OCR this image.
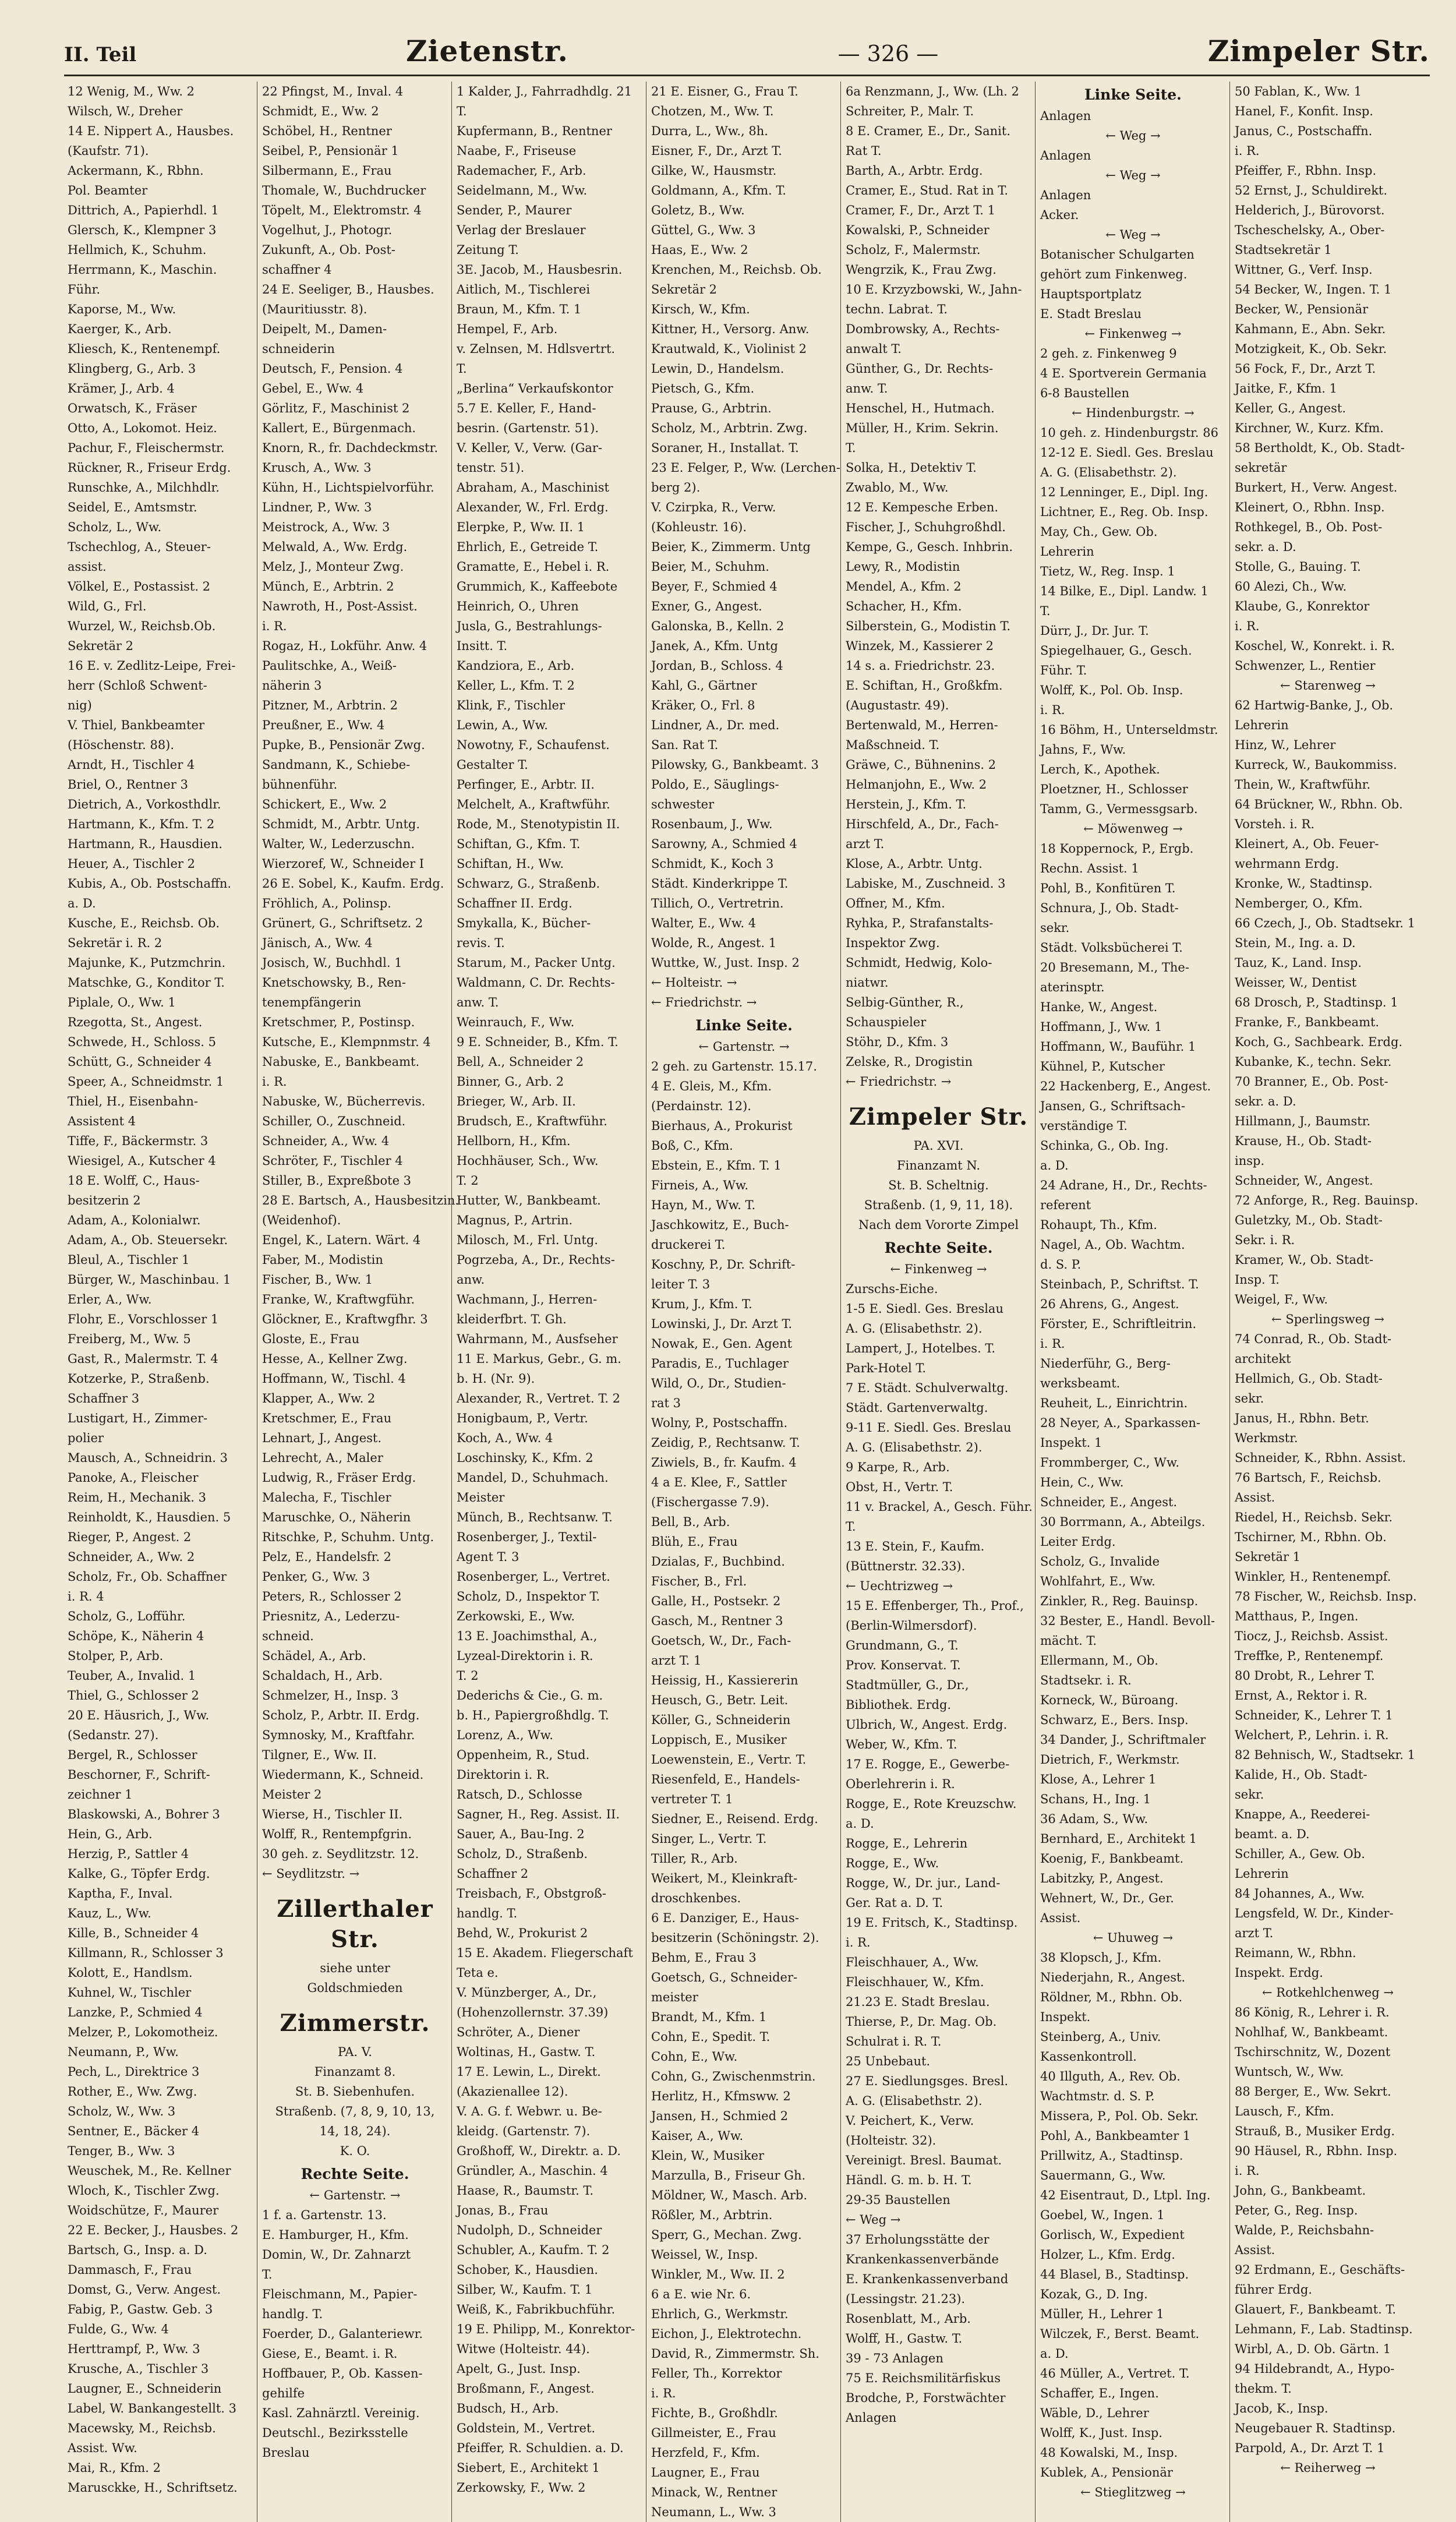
II. Teil	Zietenstr.	— 326 —	Zimpeler Str.
12 Wenig, M., Ww. 2
Wilsch, W., Dreher
14 E. Nippert A., Hausbes.
(Kaufstr. 71).
Ackermann, K., Rbhn.
Pol. Beamter
Dittrich, A., Papierhdl. 1
Glersch, K., Klempner 3
Hellmich, K., Schuhm.
Herrmann, K., Maschin.
Führ.
Kaporse, M., Ww.
Kaerger, K., Arb.
Kliesch, K., Rentenempf.
Klingberg, G., Arb. 3
Krämer, J., Arb. 4
Orwatsch, K., Fräser
Otto, A., Lokomot. Heiz.
Pachur, F., Fleischermstr.
Rückner, R., Friseur Erdg.
Runschke, A., Milchhdlr.
Seidel, E., Amtsmstr.
Scholz, L., Ww.
Tschechlog, A., Steuer-
assist.
Völkel, E., Postassist. 2
Wild, G., Frl.
Wurzel, W., Reichsb.Ob.
Sekretär 2
16 E. v. Zedlitz-Leipe, Frei-
herr (Schloß Schwent-
nig)
V. Thiel, Bankbeamter
(Höschenstr. 88).
Arndt, H., Tischler 4
Briel, O., Rentner 3
Dietrich, A., Vorkosthdlr.
Hartmann, K., Kfm. T. 2
Hartmann, R., Hausdien.
Heuer, A., Tischler 2
Kubis, A., Ob. Postschaffn.
a. D.
Kusche, E., Reichsb. Ob.
Sekretär i. R. 2
Majunke, K., Putzmchrin.
Matschke, G., Konditor T.
Piplale, O., Ww. 1
Rzegotta, St., Angest.
Schwede, H., Schloss. 5
Schütt, G., Schneider 4
Speer, A., Schneidmstr. 1
Thiel, H., Eisenbahn-
Assistent 4
Tiffe, F., Bäckermstr. 3
Wiesigel, A., Kutscher 4
18 E. Wolff, C., Haus-
besitzerin 2
Adam, A., Kolonialwr.
Adam, A., Ob. Steuersekr.
Bleul, A., Tischler 1
Bürger, W., Maschinbau. 1
Erler, A., Ww.
Flohr, E., Vorschlosser 1
Freiberg, M., Ww. 5
Gast, R., Malermstr. T. 4
Kotzerke, P., Straßenb.
Schaffner 3
Lustigart, H., Zimmer-
polier
Mausch, A., Schneidrin. 3
Panoke, A., Fleischer
Reim, H., Mechanik. 3
Reinholdt, K., Hausdien. 5
Rieger, P., Angest. 2
Schneider, A., Ww. 2
Scholz, Fr., Ob. Schaffner
i. R. 4
Scholz, G., Lofführ.
Schöpe, K., Näherin 4
Stolper, P., Arb.
Teuber, A., Invalid. 1
Thiel, G., Schlosser 2
20 E. Häusrich, J., Ww.
(Sedanstr. 27).
Bergel, R., Schlosser
Beschorner, F., Schrift-
zeichner 1
Blaskowski, A., Bohrer 3
Hein, G., Arb.
Herzig, P., Sattler 4
Kalke, G., Töpfer Erdg.
Kaptha, F., Inval.
Kauz, L., Ww.
Kille, B., Schneider 4
Killmann, R., Schlosser 3
Kolott, E., Handlsm.
Kuhnel, W., Tischler
Lanzke, P., Schmied 4
Melzer, P., Lokomotheiz.
Neumann, P., Ww.
Pech, L., Direktrice 3
Rother, E., Ww. Zwg.
Scholz, W., Ww. 3
Sentner, E., Bäcker 4
Tenger, B., Ww. 3
Weuschek, M., Re. Kellner
Wloch, K., Tischler Zwg.
Woidschütze, F., Maurer
22 E. Becker, J., Hausbes. 2
Bartsch, G., Insp. a. D.
Dammasch, F., Frau
Domst, G., Verw. Angest.
Fabig, P., Gastw. Geb. 3
Fulde, G., Ww. 4
Herttrampf, P., Ww. 3
Krusche, A., Tischler 3
Laugner, E., Schneiderin
Label, W. Bankangestellt. 3
Macewsky, M., Reichsb.
Assist. Ww.
Mai, R., Kfm. 2
Marusckke, H., Schriftsetz.
22 Pfingst, M., Inval. 4
Schmidt, E., Ww. 2
Schöbel, H., Rentner
Seibel, P., Pensionär 1
Silbermann, E., Frau
Thomale, W., Buchdrucker
Töpelt, M., Elektromstr. 4
Vogelhut, J., Photogr.
Zukunft, A., Ob. Post-
schaffner 4
24 E. Seeliger, B., Hausbes.
(Mauritiusstr. 8).
Deipelt, M., Damen-
schneiderin
Deutsch, F., Pension. 4
Gebel, E., Ww. 4
Görlitz, F., Maschinist 2
Kallert, E., Bürgenmach.
Knorn, R., fr. Dachdeckmstr.
Krusch, A., Ww. 3
Kühn, H., Lichtspielvorführ.
Lindner, P., Ww. 3
Meistrock, A., Ww. 3
Melwald, A., Ww. Erdg.
Melz, J., Monteur Zwg.
Münch, E., Arbtrin. 2
Nawroth, H., Post-Assist.
i. R.
Rogaz, H., Lokführ. Anw. 4
Paulitschke, A., Weiß-
näherin 3
Pitzner, M., Arbtrin. 2
Preußner, E., Ww. 4
Pupke, B., Pensionär Zwg.
Sandmann, K., Schiebe-
bühnenführ.
Schickert, E., Ww. 2
Schmidt, M., Arbtr. Untg.
Walter, W., Lederzuschn.
Wierzoref, W., Schneider I
26 E. Sobel, K., Kaufm. Erdg.
Fröhlich, A., Polinsp.
Grünert, G., Schriftsetz. 2
Jänisch, A., Ww. 4
Josisch, W., Buchhdl. 1
Knetschowsky, B., Ren-
tenempfängerin
Kretschmer, P., Postinsp.
Kutsche, E., Klempnmstr. 4
Nabuske, E., Bankbeamt.
i. R.
Nabuske, W., Bücherrevis.
Schiller, O., Zuschneid.
Schneider, A., Ww. 4
Schröter, F., Tischler 4
Stiller, B., Expreßbote 3
28 E. Bartsch, A., Hausbesitzin.
(Weidenhof).
Engel, K., Latern. Wärt. 4
Faber, M., Modistin
Fischer, B., Ww. 1
Franke, W., Kraftwgführ.
Glöckner, E., Kraftwgfhr. 3
Gloste, E., Frau
Hesse, A., Kellner Zwg.
Hoffmann, W., Tischl. 4
Klapper, A., Ww. 2
Kretschmer, E., Frau
Lehnart, J., Angest.
Lehrecht, A., Maler
Ludwig, R., Fräser Erdg.
Malecha, F., Tischler
Maruschke, O., Näherin
Ritschke, P., Schuhm. Untg.
Pelz, E., Handelsfr. 2
Penker, G., Ww. 3
Peters, R., Schlosser 2
Priesnitz, A., Lederzu-
schneid.
Schädel, A., Arb.
Schaldach, H., Arb.
Schmelzer, H., Insp. 3
Scholz, P., Arbtr. II. Erdg.
Symnosky, M., Kraftfahr.
Tilgner, E., Ww. II.
Wiedermann, K., Schneid.
Meister 2
Wierse, H., Tischler II.
Wolff, R., Rentempfgrin.
30 geh. z. Seydlitzstr. 12.
← Seydlitzstr. →
Zillerthaler Str.
siehe unter
Goldschmieden
Zimmerstr.
PA. V.
Finanzamt 8.
St. B. Siebenhufen.
Straßenb. (7, 8, 9, 10, 13,
14, 18, 24).
K. O.
Rechte Seite.
← Gartenstr. →
1 f. a. Gartenstr. 13.
E. Hamburger, H., Kfm.
Domin, W., Dr. Zahnarzt
T.
Fleischmann, M., Papier-
handlg. T.
Foerder, D., Galanteriewr.
Giese, E., Beamt. i. R.
Hoffbauer, P., Ob. Kassen-
gehilfe
Kasl. Zahnärztl. Vereinig.
Deutschl., Bezirksstelle
Breslau
1 Kalder, J., Fahrradhdlg. 21
T.
Kupfermann, B., Rentner
Naabe, F., Friseuse
Rademacher, F., Arb.
Seidelmann, M., Ww.
Sender, P., Maurer
Verlag der Breslauer
Zeitung T.
3E. Jacob, M., Hausbesrin.
Aitlich, M., Tischlerei
Braun, M., Kfm. T. 1
Hempel, F., Arb.
v. Zelnsen, M. Hdlsvertrt.
T.
„Berlina“ Verkaufskontor
5.7 E. Keller, F., Hand-
besrin. (Gartenstr. 51).
V. Keller, V., Verw. (Gar-
tenstr. 51).
Abraham, A., Maschinist
Alexander, W., Frl. Erdg.
Elerpke, P., Ww. II. 1
Ehrlich, E., Getreide T.
Gramatte, E., Hebel i. R.
Grummich, K., Kaffeebote
Heinrich, O., Uhren
Jusla, G., Bestrahlungs-
Insitt. T.
Kandziora, E., Arb.
Keller, L., Kfm. T. 2
Klink, F., Tischler
Lewin, A., Ww.
Nowotny, F., Schaufenst.
Gestalter T.
Perfinger, E., Arbtr. II.
Melchelt, A., Kraftwführ.
Rode, M., Stenotypistin II.
Schiftan, G., Kfm. T.
Schiftan, H., Ww.
Schwarz, G., Straßenb.
Schaffner II. Erdg.
Smykalla, K., Bücher-
revis. T.
Starum, M., Packer Untg.
Waldmann, C. Dr. Rechts-
anw. T.
Weinrauch, F., Ww.
9 E. Schneider, B., Kfm. T.
Bell, A., Schneider 2
Binner, G., Arb. 2
Brieger, W., Arb. II.
Brudsch, E., Kraftwführ.
Hellborn, H., Kfm.
Hochhäuser, Sch., Ww.
T. 2
Hutter, W., Bankbeamt.
Magnus, P., Artrin.
Milosch, M., Frl. Untg.
Pogrzeba, A., Dr., Rechts-
anw.
Wachmann, J., Herren-
kleiderfbrt. T. Gh.
Wahrmann, M., Ausfseher
11 E. Markus, Gebr., G. m.
b. H. (Nr. 9).
Alexander, R., Vertret. T. 2
Honigbaum, P., Vertr.
Koch, A., Ww. 4
Loschinsky, K., Kfm. 2
Mandel, D., Schuhmach.
Meister
Münch, B., Rechtsanw. T.
Rosenberger, J., Textil-
Agent T. 3
Rosenberger, L., Vertret.
Scholz, D., Inspektor T.
Zerkowski, E., Ww.
13 E. Joachimsthal, A.,
Lyzeal-Direktorin i. R.
T. 2
Dederichs & Cie., G. m.
b. H., Papiergroßhdlg. T.
Lorenz, A., Ww.
Oppenheim, R., Stud.
Direktorin i. R.
Ratsch, D., Schlosse
Sagner, H., Reg. Assist. II.
Sauer, A., Bau-Ing. 2
Scholz, D., Straßenb.
Schaffner 2
Treisbach, F., Obstgroß-
handlg. T.
Behd, W., Prokurist 2
15 E. Akadem. Fliegerschaft
Teta e.
V. Münzberger, A., Dr.,
(Hohenzollernstr. 37.39)
Schröter, A., Diener
Woltinas, H., Gastw. T.
17 E. Lewin, L., Direkt.
(Akazienallee 12).
V. A. G. f. Webwr. u. Be-
kleidg. (Gartenstr. 7).
Großhoff, W., Direktr. a. D.
Gründler, A., Maschin. 4
Haase, R., Baumstr. T.
Jonas, B., Frau
Nudolph, D., Schneider
Schubler, A., Kaufm. T. 2
Schober, K., Hausdien.
Silber, W., Kaufm. T. 1
Weiß, K., Fabrikbuchführ.
19 E. Philipp, M., Konrektor-
Witwe (Holteistr. 44).
Apelt, G., Just. Insp.
Broßmann, F., Angest.
Budsch, H., Arb.
Goldstein, M., Vertret.
Pfeiffer, R. Schuldien. a. D.
Siebert, E., Architekt 1
Zerkowsky, F., Ww. 2
21 E. Eisner, G., Frau T.
Chotzen, M., Ww. T.
Durra, L., Ww., 8h.
Eisner, F., Dr., Arzt T.
Gilke, W., Hausmstr.
Goldmann, A., Kfm. T.
Goletz, B., Ww.
Güttel, G., Ww. 3
Haas, E., Ww. 2
Krenchen, M., Reichsb. Ob.
Sekretär 2
Kirsch, W., Kfm.
Kittner, H., Versorg. Anw.
Krautwald, K., Violinist 2
Lewin, D., Handelsm.
Pietsch, G., Kfm.
Prause, G., Arbtrin.
Scholz, M., Arbtrin. Zwg.
Soraner, H., Installat. T.
23 E. Felger, P., Ww. (Lerchen-
berg 2).
V. Czirpka, R., Verw.
(Kohleustr. 16).
Beier, K., Zimmerm. Untg
Beier, M., Schuhm.
Beyer, F., Schmied 4
Exner, G., Angest.
Galonska, B., Kelln. 2
Janek, A., Kfm. Untg
Jordan, B., Schloss. 4
Kahl, G., Gärtner
Kräker, O., Frl. 8
Lindner, A., Dr. med.
San. Rat T.
Pilowsky, G., Bankbeamt. 3
Poldo, E., Säuglings-
schwester
Rosenbaum, J., Ww.
Sarowny, A., Schmied 4
Schmidt, K., Koch 3
Städt. Kinderkrippe T.
Tillich, O., Vertretrin.
Walter, E., Ww. 4
Wolde, R., Angest. 1
Wuttke, W., Just. Insp. 2
← Holteistr. →
← Friedrichstr. →
Linke Seite.
← Gartenstr. →
2 geh. zu Gartenstr. 15.17.
4 E. Gleis, M., Kfm.
(Perdainstr. 12).
Bierhaus, A., Prokurist
Boß, C., Kfm.
Ebstein, E., Kfm. T. 1
Firneis, A., Ww.
Hayn, M., Ww. T.
Jaschkowitz, E., Buch-
druckerei T.
Koschny, P., Dr. Schrift-
leiter T. 3
Krum, J., Kfm. T.
Lowinski, J., Dr. Arzt T.
Nowak, E., Gen. Agent
Paradis, E., Tuchlager
Wild, O., Dr., Studien-
rat 3
Wolny, P., Postschaffn.
Zeidig, P., Rechtsanw. T.
Ziwiels, B., fr. Kaufm. 4
4 a E. Klee, F., Sattler
(Fischergasse 7.9).
Bell, B., Arb.
Blüh, E., Frau
Dzialas, F., Buchbind.
Fischer, B., Frl.
Galle, H., Postsekr. 2
Gasch, M., Rentner 3
Goetsch, W., Dr., Fach-
arzt T. 1
Heissig, H., Kassiererin
Heusch, G., Betr. Leit.
Köller, G., Schneiderin
Loppisch, E., Musiker
Loewenstein, E., Vertr. T.
Riesenfeld, E., Handels-
vertreter T. 1
Siedner, E., Reisend. Erdg.
Singer, L., Vertr. T.
Tiller, R., Arb.
Weikert, M., Kleinkraft-
droschkenbes.
6 E. Danziger, E., Haus-
besitzerin (Schöningstr. 2).
Behm, E., Frau 3
Goetsch, G., Schneider-
meister
Brandt, M., Kfm. 1
Cohn, E., Spedit. T.
Cohn, E., Ww.
Cohn, G., Zwischenmstrin.
Herlitz, H., Kfmsww. 2
Jansen, H., Schmied 2
Kaiser, A., Ww.
Klein, W., Musiker
Marzulla, B., Friseur Gh.
Möldner, W., Masch. Arb.
Rößler, M., Arbtrin.
Sperr, G., Mechan. Zwg.
Weissel, W., Insp.
Winkler, M., Ww. II. 2
6 a E. wie Nr. 6.
Ehrlich, G., Werkmstr.
Eichon, J., Elektrotechn.
David, R., Zimmermstr. Sh.
Feller, Th., Korrektor
i. R.
Fichte, B., Großhdlr.
Gillmeister, E., Frau
Herzfeld, F., Kfm.
Laugner, E., Frau
Minack, W., Rentner
Neumann, L., Ww. 3
6a Renzmann, J., Ww. (Lh. 2
Schreiter, P., Malr. T.
8 E. Cramer, E., Dr., Sanit.
Rat T.
Barth, A., Arbtr. Erdg.
Cramer, E., Stud. Rat in T.
Cramer, F., Dr., Arzt T. 1
Kowalski, P., Schneider
Scholz, F., Malermstr.
Wengrzik, K., Frau Zwg.
10 E. Krzyzbowski, W., Jahn-
techn. Labrat. T.
Dombrowsky, A., Rechts-
anwalt T.
Günther, G., Dr. Rechts-
anw. T.
Henschel, H., Hutmach.
Müller, H., Krim. Sekrin.
T.
Solka, H., Detektiv T.
Zwablo, M., Ww.
12 E. Kempesche Erben.
Fischer, J., Schuhgroßhdl.
Kempe, G., Gesch. Inhbrin.
Lewy, R., Modistin
Mendel, A., Kfm. 2
Schacher, H., Kfm.
Silberstein, G., Modistin T.
Winzek, M., Kassierer 2
14 s. a. Friedrichstr. 23.
E. Schiftan, H., Großkfm.
(Augustastr. 49).
Bertenwald, M., Herren-
Maßschneid. T.
Gräwe, C., Bühnenins. 2
Helmanjohn, E., Ww. 2
Herstein, J., Kfm. T.
Hirschfeld, A., Dr., Fach-
arzt T.
Klose, A., Arbtr. Untg.
Labiske, M., Zuschneid. 3
Offner, M., Kfm.
Ryhka, P., Strafanstalts-
Inspektor Zwg.
Schmidt, Hedwig, Kolo-
niatwr.
Selbig-Günther, R.,
Schauspieler
Stöhr, D., Kfm. 3
Zelske, R., Drogistin
← Friedrichstr. →
Zimpeler Str.
PA. XVI.
Finanzamt N.
St. B. Scheltnig.
Straßenb. (1, 9, 11, 18).
Nach dem Vororte Zimpel
Rechte Seite.
← Finkenweg →
Zurschs-Eiche.
1-5 E. Siedl. Ges. Breslau
A. G. (Elisabethstr. 2).
Lampert, J., Hotelbes. T.
Park-Hotel T.
7 E. Städt. Schulverwaltg.
Städt. Gartenverwaltg.
9-11 E. Siedl. Ges. Breslau
A. G. (Elisabethstr. 2).
9 Karpe, R., Arb.
Obst, H., Vertr. T.
11 v. Brackel, A., Gesch. Führ.
T.
13 E. Stein, F., Kaufm.
(Büttnerstr. 32.33).
← Uechtrizweg →
15 E. Effenberger, Th., Prof.,
(Berlin-Wilmersdorf).
Grundmann, G., T.
Prov. Konservat. T.
Stadtmüller, G., Dr.,
Bibliothek. Erdg.
Ulbrich, W., Angest. Erdg.
Weber, W., Kfm. T.
17 E. Rogge, E., Gewerbe-
Oberlehrerin i. R.
Rogge, E., Rote Kreuzschw.
a. D.
Rogge, E., Lehrerin
Rogge, E., Ww.
Rogge, W., Dr. jur., Land-
Ger. Rat a. D. T.
19 E. Fritsch, K., Stadtinsp.
i. R.
Fleischhauer, A., Ww.
Fleischhauer, W., Kfm.
21.23 E. Stadt Breslau.
Thierse, P., Dr. Mag. Ob.
Schulrat i. R. T.
25 Unbebaut.
27 E. Siedlungsges. Bresl.
A. G. (Elisabethstr. 2).
V. Peichert, K., Verw.
(Holteistr. 32).
Vereinigt. Bresl. Baumat.
Händl. G. m. b. H. T.
29-35 Baustellen
← Weg →
37 Erholungsstätte der
Krankenkassenverbände
E. Krankenkassenverband
(Lessingstr. 21.23).
Rosenblatt, M., Arb.
Wolff, H., Gastw. T.
39 - 73 Anlagen
75 E. Reichsmilitärfiskus
Brodche, P., Forstwächter
Anlagen
Linke Seite.
Anlagen
← Weg →
Anlagen
← Weg →
Anlagen
Acker.
← Weg →
Botanischer Schulgarten
gehört zum Finkenweg.
Hauptsportplatz
E. Stadt Breslau
← Finkenweg →
2 geh. z. Finkenweg 9
4 E. Sportverein Germania
6-8 Baustellen
← Hindenburgstr. →
10 geh. z. Hindenburgstr. 86
12-12 E. Siedl. Ges. Breslau
A. G. (Elisabethstr. 2).
12 Lenninger, E., Dipl. Ing.
Lichtner, E., Reg. Ob. Insp.
May, Ch., Gew. Ob.
Lehrerin
Tietz, W., Reg. Insp. 1
14 Bilke, E., Dipl. Landw. 1
T.
Dürr, J., Dr. Jur. T.
Spiegelhauer, G., Gesch.
Führ. T.
Wolff, K., Pol. Ob. Insp.
i. R.
16 Böhm, H., Unterseldmstr.
Jahns, F., Ww.
Lerch, K., Apothek.
Ploetzner, H., Schlosser
Tamm, G., Vermessgsarb.
← Möwenweg →
18 Koppernock, P., Ergb.
Rechn. Assist. 1
Pohl, B., Konfitüren T.
Schnura, J., Ob. Stadt-
sekr.
Städt. Volksbücherei T.
20 Bresemann, M., The-
aterinsptr.
Hanke, W., Angest.
Hoffmann, J., Ww. 1
Hoffmann, W., Bauführ. 1
Kühnel, P., Kutscher
22 Hackenberg, E., Angest.
Jansen, G., Schriftsach-
verständige T.
Schinka, G., Ob. Ing.
a. D.
24 Adrane, H., Dr., Rechts-
referent
Rohaupt, Th., Kfm.
Nagel, A., Ob. Wachtm.
d. S. P.
Steinbach, P., Schriftst. T.
26 Ahrens, G., Angest.
Förster, E., Schriftleitrin.
i. R.
Niederführ, G., Berg-
werksbeamt.
Reuheit, L., Einrichtrin.
28 Neyer, A., Sparkassen-
Inspekt. 1
Frommberger, C., Ww.
Hein, C., Ww.
Schneider, E., Angest.
30 Borrmann, A., Abteilgs.
Leiter Erdg.
Scholz, G., Invalide
Wohlfahrt, E., Ww.
Zinkler, R., Reg. Bauinsp.
32 Bester, E., Handl. Bevoll-
mächt. T.
Ellermann, M., Ob.
Stadtsekr. i. R.
Korneck, W., Büroang.
Schwarz, E., Bers. Insp.
34 Dander, J., Schriftmaler
Dietrich, F., Werkmstr.
Klose, A., Lehrer 1
Schans, H., Ing. 1
36 Adam, S., Ww.
Bernhard, E., Architekt 1
Koenig, F., Bankbeamt.
Labitzky, P., Angest.
Wehnert, W., Dr., Ger.
Assist.
← Uhuweg →
38 Klopsch, J., Kfm.
Niederjahn, R., Angest.
Röldner, M., Rbhn. Ob.
Inspekt.
Steinberg, A., Univ.
Kassenkontroll.
40 Illguth, A., Rev. Ob.
Wachtmstr. d. S. P.
Missera, P., Pol. Ob. Sekr.
Pohl, A., Bankbeamter 1
Prillwitz, A., Stadtinsp.
Sauermann, G., Ww.
42 Eisentraut, D., Ltpl. Ing.
Goebel, W., Ingen. 1
Gorlisch, W., Expedient
Holzer, L., Kfm. Erdg.
44 Blasel, B., Stadtinsp.
Kozak, G., D. Ing.
Müller, H., Lehrer 1
Wilczek, F., Berst. Beamt.
a. D.
46 Müller, A., Vertret. T.
Schaffer, E., Ingen.
Wäble, D., Lehrer
Wolff, K., Just. Insp.
48 Kowalski, M., Insp.
Kublek, A., Pensionär
← Stieglitzweg →
50 Fablan, K., Ww. 1
Hanel, F., Konfit. Insp.
Janus, C., Postschaffn.
i. R.
Pfeiffer, F., Rbhn. Insp.
52 Ernst, J., Schuldirekt.
Helderich, J., Bürovorst.
Tscheschelsky, A., Ober-
Stadtsekretär 1
Wittner, G., Verf. Insp.
54 Becker, W., Ingen. T. 1
Becker, W., Pensionär
Kahmann, E., Abn. Sekr.
Motzigkeit, K., Ob. Sekr.
56 Fock, F., Dr., Arzt T.
Jaitke, F., Kfm. 1
Keller, G., Angest.
Kirchner, W., Kurz. Kfm.
58 Bertholdt, K., Ob. Stadt-
sekretär
Burkert, H., Verw. Angest.
Kleinert, O., Rbhn. Insp.
Rothkegel, B., Ob. Post-
sekr. a. D.
Stolle, G., Bauing. T.
60 Alezi, Ch., Ww.
Klaube, G., Konrektor
i. R.
Koschel, W., Konrekt. i. R.
Schwenzer, L., Rentier
← Starenweg →
62 Hartwig-Banke, J., Ob.
Lehrerin
Hinz, W., Lehrer
Kurreck, W., Baukommiss.
Thein, W., Kraftwführ.
64 Brückner, W., Rbhn. Ob.
Vorsteh. i. R.
Kleinert, A., Ob. Feuer-
wehrmann Erdg.
Kronke, W., Stadtinsp.
Nemberger, O., Kfm.
66 Czech, J., Ob. Stadtsekr. 1
Stein, M., Ing. a. D.
Tauz, K., Land. Insp.
Weisser, W., Dentist
68 Drosch, P., Stadtinsp. 1
Franke, F., Bankbeamt.
Koch, G., Sachbeark. Erdg.
Kubanke, K., techn. Sekr.
70 Branner, E., Ob. Post-
sekr. a. D.
Hillmann, J., Baumstr.
Krause, H., Ob. Stadt-
insp.
Schneider, W., Angest.
72 Anforge, R., Reg. Bauinsp.
Guletzky, M., Ob. Stadt-
Sekr. i. R.
Kramer, W., Ob. Stadt-
Insp. T.
Weigel, F., Ww.
← Sperlingsweg →
74 Conrad, R., Ob. Stadt-
architekt
Hellmich, G., Ob. Stadt-
sekr.
Janus, H., Rbhn. Betr.
Werkmstr.
Schneider, K., Rbhn. Assist.
76 Bartsch, F., Reichsb.
Assist.
Riedel, H., Reichsb. Sekr.
Tschirner, M., Rbhn. Ob.
Sekretär 1
Winkler, H., Rentenempf.
78 Fischer, W., Reichsb. Insp.
Matthaus, P., Ingen.
Tiocz, J., Reichsb. Assist.
Treffke, P., Rentenempf.
80 Drobt, R., Lehrer T.
Ernst, A., Rektor i. R.
Schneider, K., Lehrer T. 1
Welchert, P., Lehrin. i. R.
82 Behnisch, W., Stadtsekr. 1
Kalide, H., Ob. Stadt-
sekr.
Knappe, A., Reederei-
beamt. a. D.
Schiller, A., Gew. Ob.
Lehrerin
84 Johannes, A., Ww.
Lengsfeld, W. Dr., Kinder-
arzt T.
Reimann, W., Rbhn.
Inspekt. Erdg.
← Rotkehlchenweg →
86 König, R., Lehrer i. R.
Nohlhaf, W., Bankbeamt.
Tschirschnitz, W., Dozent
Wuntsch, W., Ww.
88 Berger, E., Ww. Sekrt.
Lausch, F., Kfm.
Strauß, B., Musiker Erdg.
90 Häusel, R., Rbhn. Insp.
i. R.
John, G., Bankbeamt.
Peter, G., Reg. Insp.
Walde, P., Reichsbahn-
Assist.
92 Erdmann, E., Geschäfts-
führer Erdg.
Glauert, F., Bankbeamt. T.
Lehmann, F., Lab. Stadtinsp.
Wirbl, A., D. Ob. Gärtn. 1
94 Hildebrandt, A., Hypo-
thekm. T.
Jacob, K., Insp.
Neugebauer R. Stadtinsp.
Parpold, A., Dr. Arzt T. 1
← Reiherweg →
